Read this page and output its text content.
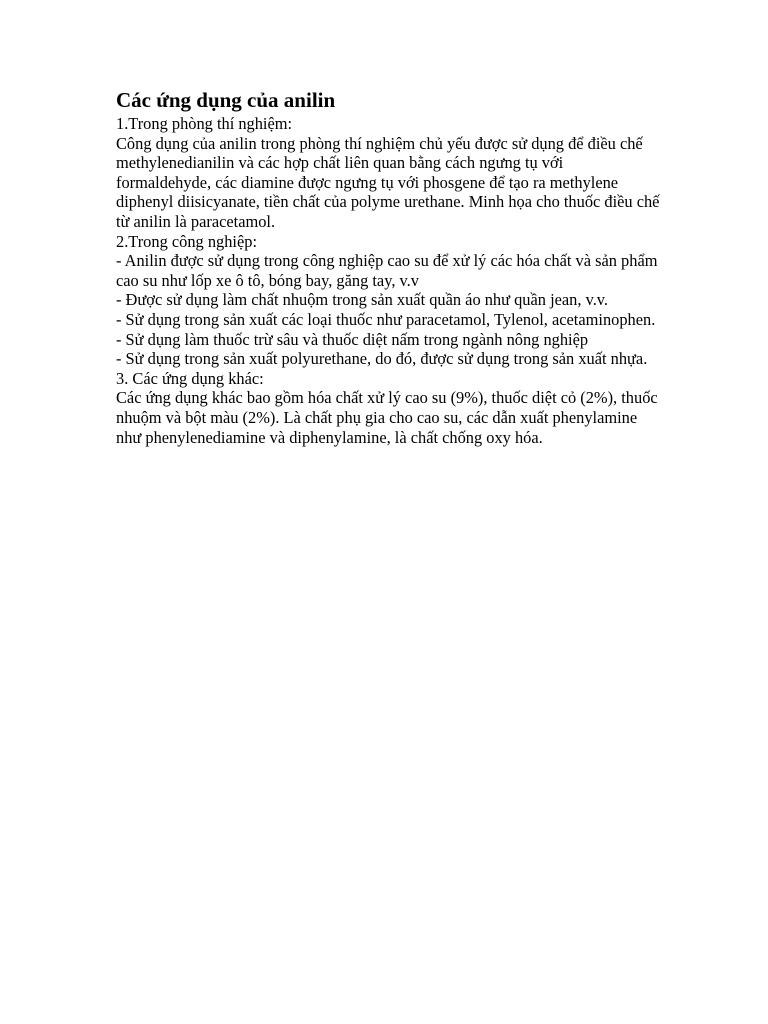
Các ứng dụng của anilin

1.Trong phòng thí nghiệm:

Công dụng của anilin trong phòng thí nghiệm chủ yếu được sử dụng để điều chế methylenedianilin và các hợp chất liên quan bằng cách ngưng tụ với formaldehyde, các diamine được ngưng tụ với phosgene để tạo ra methylene diphenyl diisicyanate, tiền chất của polyme urethane. Minh họa cho thuốc điều chế từ anilin là paracetamol.

2.Trong công nghiệp:

- Anilin được sử dụng trong công nghiệp cao su để xử lý các hóa chất và sản phẩm cao su như lốp xe ô tô, bóng bay, găng tay, v.v

- Được sử dụng làm chất nhuộm trong sản xuất quần áo như quần jean, v.v.

- Sử dụng trong sản xuất các loại thuốc như paracetamol, Tylenol, acetaminophen.

- Sử dụng làm thuốc trừ sâu và thuốc diệt nấm trong ngành nông nghiệp

- Sử dụng trong sản xuất polyurethane, do đó, được sử dụng trong sản xuất nhựa.

3. Các ứng dụng khác:

Các ứng dụng khác bao gồm hóa chất xử lý cao su (9%), thuốc diệt cỏ (2%), thuốc nhuộm và bột màu (2%). Là chất phụ gia cho cao su, các dẫn xuất phenylamine như phenylenediamine và diphenylamine, là chất chống oxy hóa.
